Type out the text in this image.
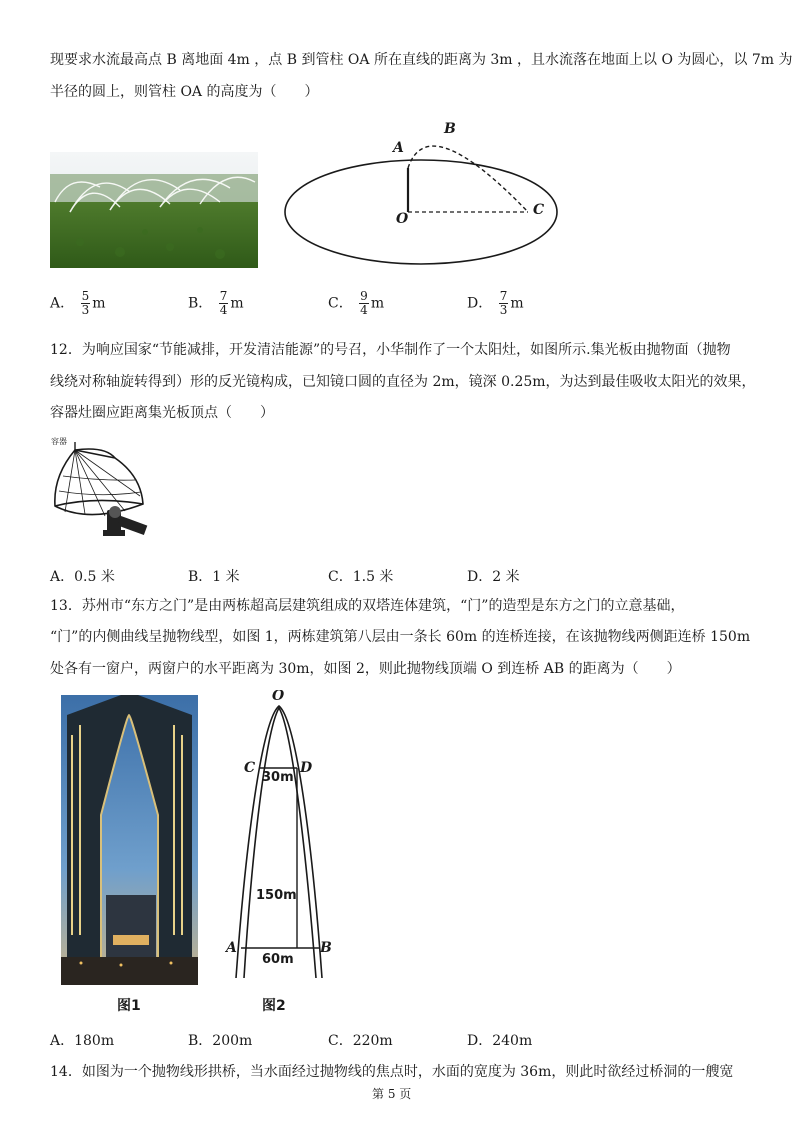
现要求水流最高点 B 离地面 4m ，点 B 到管柱 OA 所在直线的距离为 3m ，且水流落在地面上以 O 为圆心，以 7m 为
半径的圆上，则管柱 OA 的高度为（　　）
A
B
C
O
A． $\frac{5}{3}$ m	B． $\frac{7}{4}$ m	C． $\frac{9}{4}$ m	D． $\frac{7}{3}$ m
12．为响应国家“节能减排，开发清洁能源”的号召，小华制作了一个太阳灶，如图所示.集光板由抛物面（抛物
线绕对称轴旋转得到）形的反光镜构成，已知镜口圆的直径为 2m，镜深 0.25m，为达到最佳吸收太阳光的效果，
容器灶圈应距离集光板顶点（　　）
容器
A．0.5 米	B．1 米	C．1.5 米	D．2 米
13．苏州市“东方之门”是由两栋超高层建筑组成的双塔连体建筑，“门”的造型是东方之门的立意基础，
“门”的内侧曲线呈抛物线型，如图 1，两栋建筑第八层由一条长 60m 的连桥连接，在该抛物线两侧距连桥 150m
处各有一窗户，两窗户的水平距离为 30m，如图 2，则此抛物线顶端 O 到连桥 AB 的距离为（　　）
图1
O
C	D
A	B
30m
150m
60m
图2
A．180m	B．200m	C．220m	D．240m
14．如图为一个抛物线形拱桥，当水面经过抛物线的焦点时，水面的宽度为 36m，则此时欲经过桥洞的一艘宽
第 5 页
